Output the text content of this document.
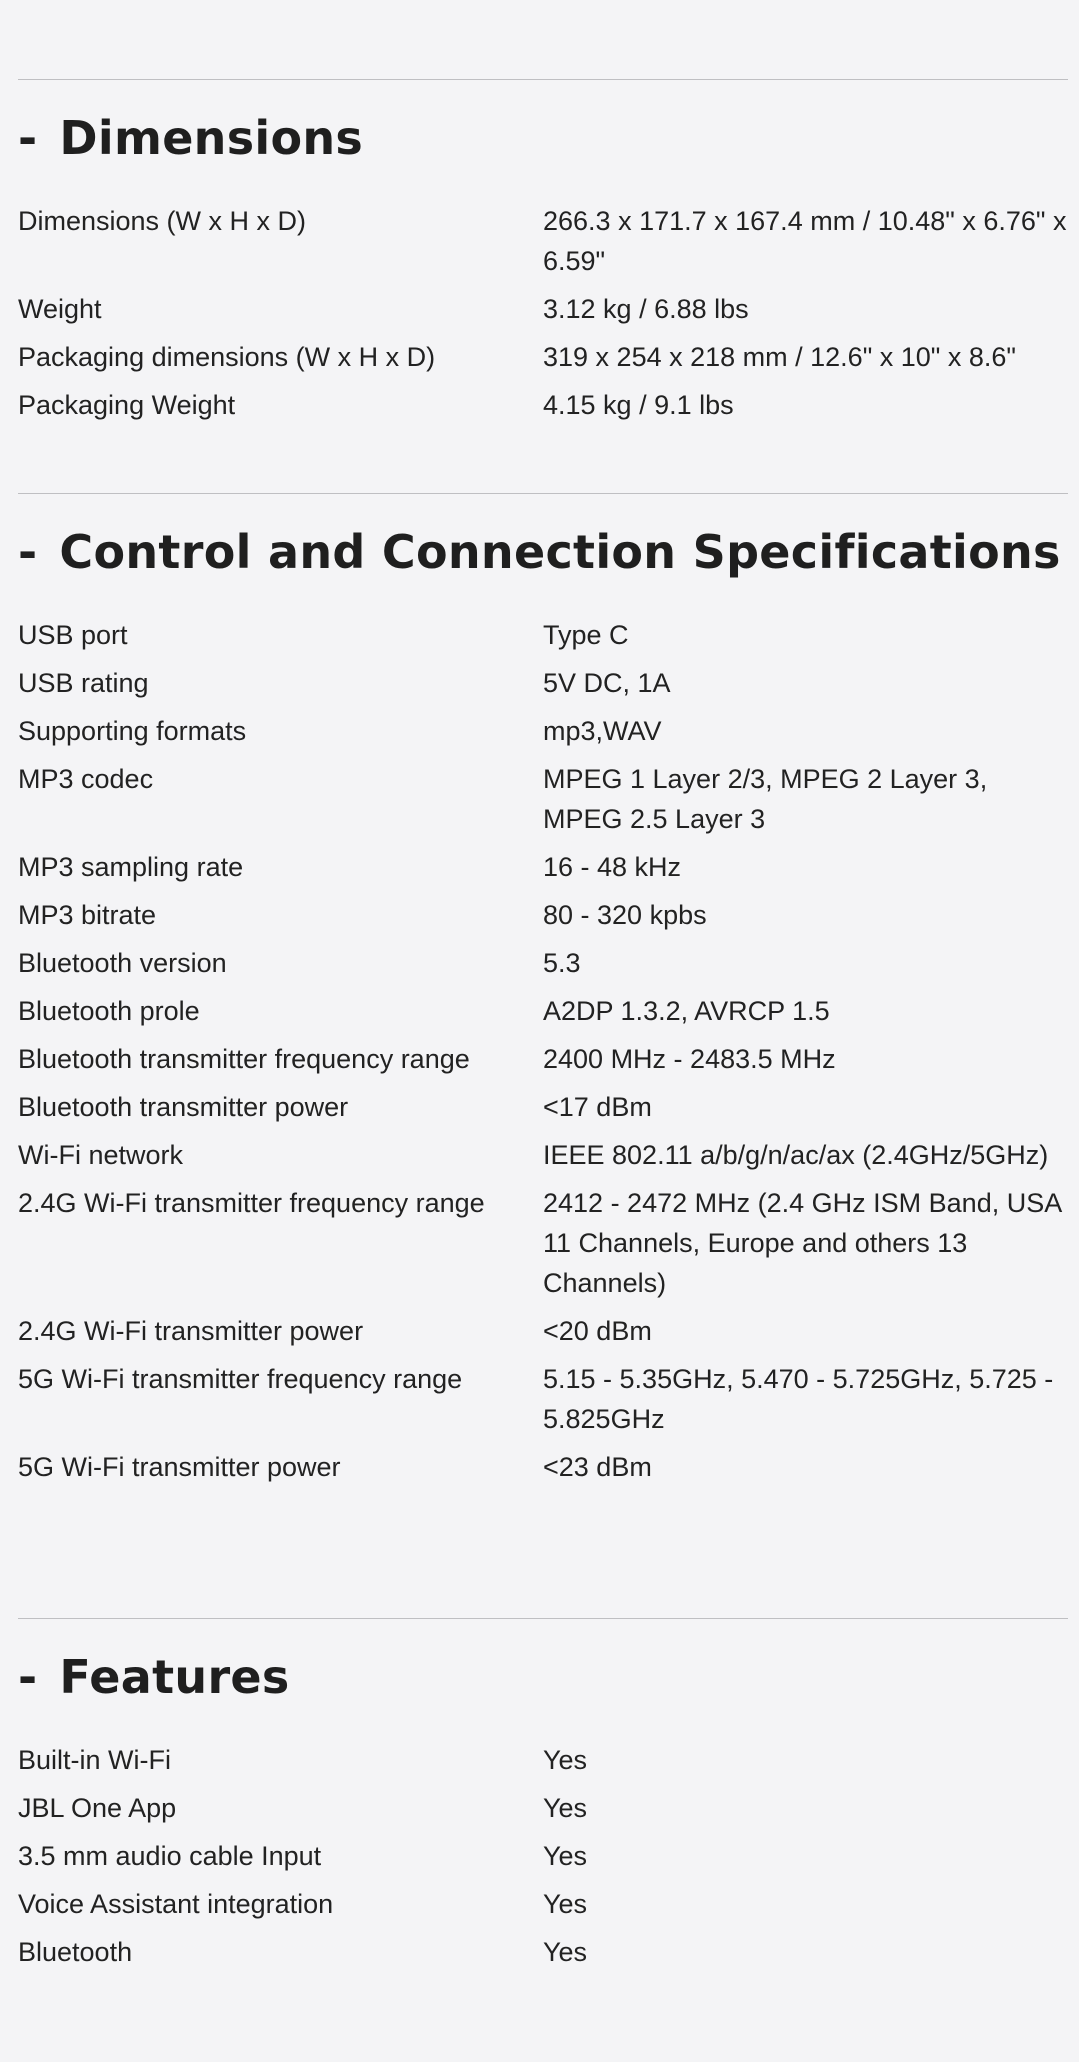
- Dimensions
Dimensions (W x H x D)	266.3 x 171.7 x 167.4 mm / 10.48" x 6.76" x 6.59"
Weight	3.12 kg / 6.88 lbs
Packaging dimensions (W x H x D)	319 x 254 x 218 mm / 12.6" x 10" x 8.6"
Packaging Weight	4.15 kg / 9.1 lbs
- Control and Connection Specifications
USB port	Type C
USB rating	5V DC, 1A
Supporting formats	mp3,WAV
MP3 codec	MPEG 1 Layer 2/3, MPEG 2 Layer 3, MPEG 2.5 Layer 3
MP3 sampling rate	16 - 48 kHz
MP3 bitrate	80 - 320 kpbs
Bluetooth version	5.3
Bluetooth prole	A2DP 1.3.2, AVRCP 1.5
Bluetooth transmitter frequency range	2400 MHz - 2483.5 MHz
Bluetooth transmitter power	<17 dBm
Wi-Fi network	IEEE 802.11 a/b/g/n/ac/ax (2.4GHz/5GHz)
2.4G Wi-Fi transmitter frequency range	2412 - 2472 MHz (2.4 GHz ISM Band, USA 11 Channels, Europe and others 13 Channels)
2.4G Wi-Fi transmitter power	<20 dBm
5G Wi-Fi transmitter frequency range	5.15 - 5.35GHz, 5.470 - 5.725GHz, 5.725 - 5.825GHz
5G Wi-Fi transmitter power	<23 dBm
- Features
Built-in Wi-Fi	Yes
JBL One App	Yes
3.5 mm audio cable Input	Yes
Voice Assistant integration	Yes
Bluetooth	Yes
